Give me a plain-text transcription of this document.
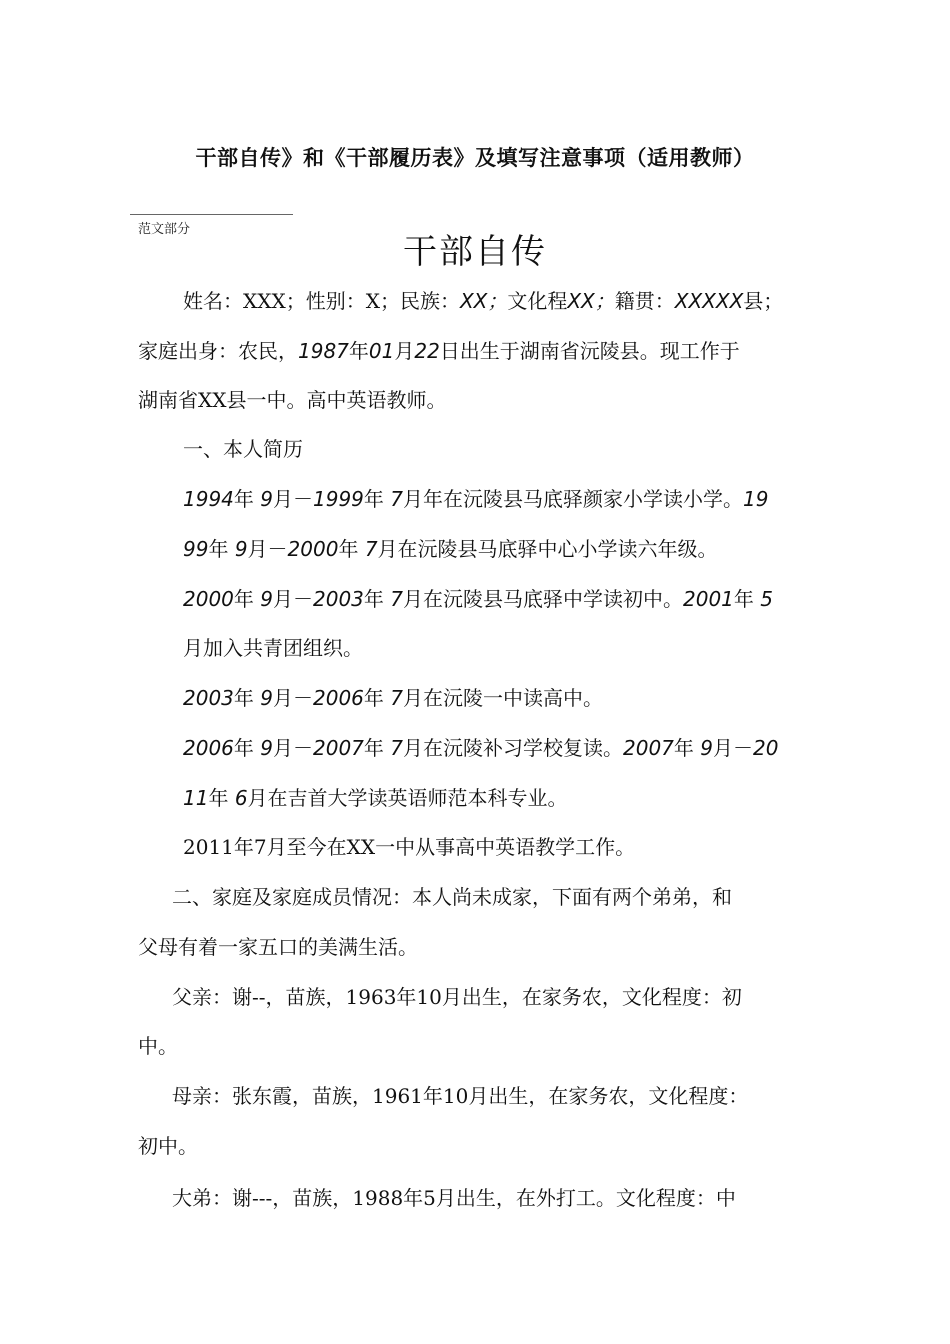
干部自传》和《干部履历表》及填写注意事项（适用教师）
范文部分
干部自传
姓名：XXX；性别：X；民族：XX；文化程XX；籍贯：XXXXX县；
家庭出身：农民，1987年01月22日出生于湖南省沅陵县。现工作于
湖南省XX县一中。高中英语教师。
一、本人简历
1994年 9月－1999年 7月年在沅陵县马底驿颜家小学读小学。19
99年 9月－2000年 7月在沅陵县马底驿中心小学读六年级。
2000年 9月－2003年 7月在沅陵县马底驿中学读初中。2001年 5
月加入共青团组织。
2003年 9月－2006年 7月在沅陵一中读高中。
2006年 9月－2007年 7月在沅陵补习学校复读。2007年 9月－20
11年 6月在吉首大学读英语师范本科专业。
2011年7月至今在XX一中从事高中英语教学工作。
二、家庭及家庭成员情况：本人尚未成家，下面有两个弟弟，和
父母有着一家五口的美满生活。
父亲：谢--，苗族，1963年10月出生，在家务农，文化程度：初
中。
母亲：张东霞，苗族，1961年10月出生，在家务农，文化程度：
初中。
大弟：谢---，苗族，1988年5月出生，在外打工。文化程度：中
